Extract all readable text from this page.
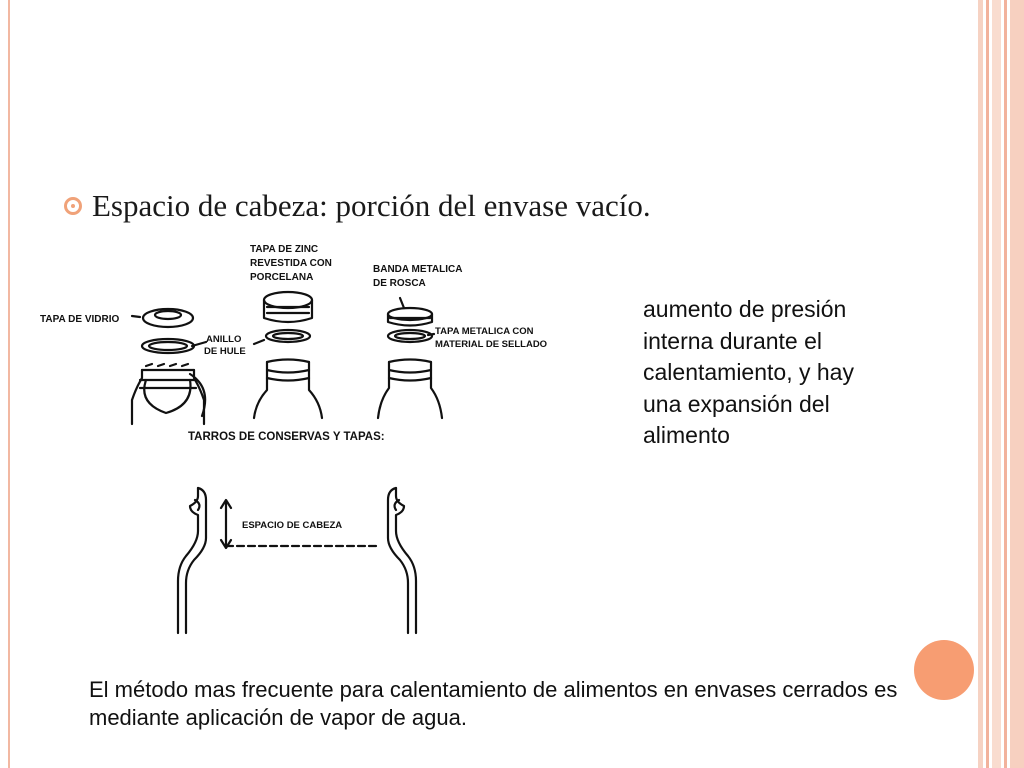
Espacio de cabeza: porción del envase vacío.
TAPA DE VIDRIO
TAPA DE ZINC
REVESTIDA CON
PORCELANA
BANDA METALICA
DE ROSCA
ANILLO
DE HULE
TAPA METALICA CON
MATERIAL DE SELLADO
TARROS DE CONSERVAS Y TAPAS:
ESPACIO DE CABEZA

aumento de presión interna durante el calentamiento, y hay una expansión del alimento

El método mas frecuente para calentamiento de alimentos en envases cerrados es mediante aplicación de vapor de agua.
